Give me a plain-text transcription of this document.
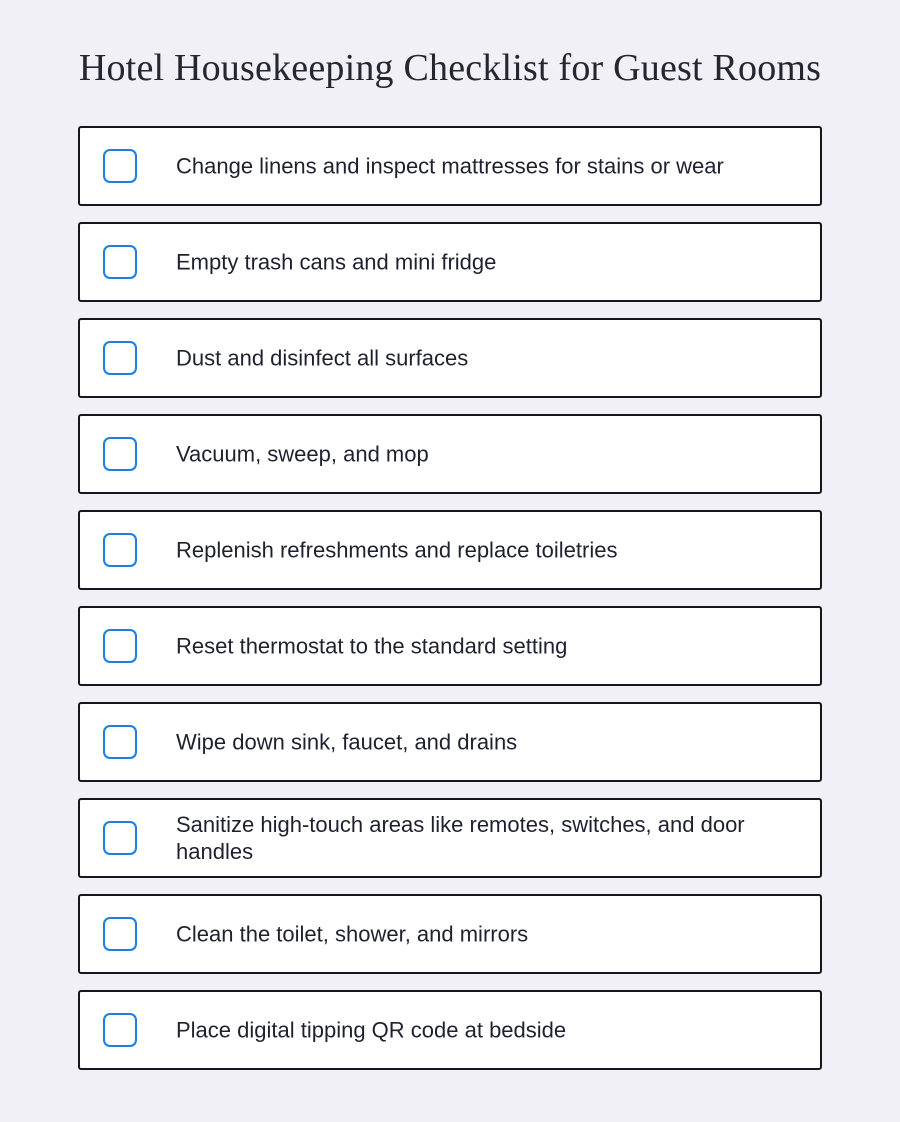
Hotel Housekeeping Checklist for Guest Rooms
Change linens and inspect mattresses for stains or wear
Empty trash cans and mini fridge
Dust and disinfect all surfaces
Vacuum, sweep, and mop
Replenish refreshments and replace toiletries
Reset thermostat to the standard setting
Wipe down sink, faucet, and drains
Sanitize high-touch areas like remotes, switches, and door handles
Clean the toilet, shower, and mirrors
Place digital tipping QR code at bedside
